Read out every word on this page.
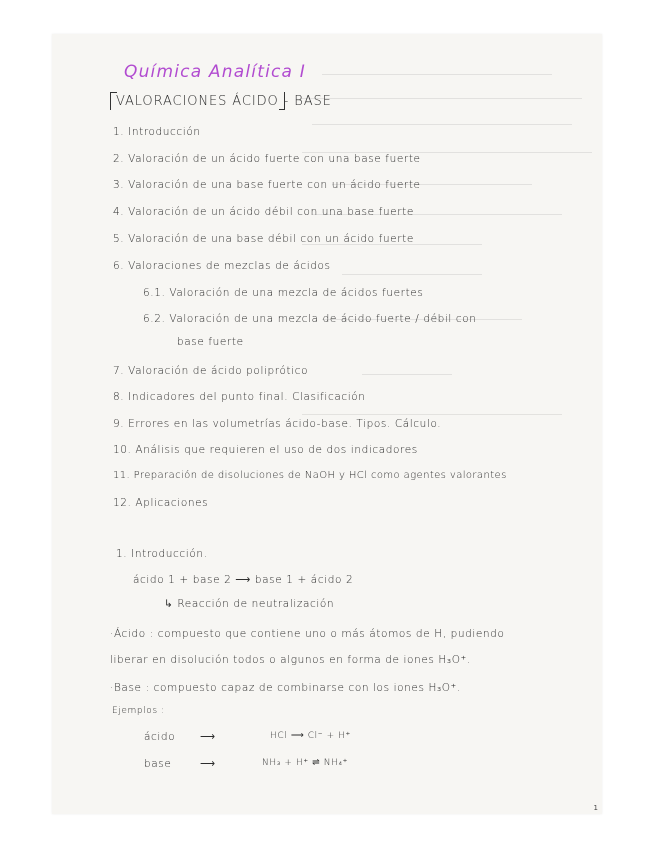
Química Analítica I
VALORACIONES ÁCIDO - BASE
1. Introducción
2. Valoración de un ácido fuerte con una base fuerte
3. Valoración de una base fuerte con un ácido fuerte
4. Valoración de un ácido débil con una base fuerte
5. Valoración de una base débil con un ácido fuerte
6. Valoraciones de mezclas de ácidos
6.1. Valoración de una mezcla de ácidos fuertes
6.2. Valoración de una mezcla de ácido fuerte / débil con
base fuerte
7. Valoración de ácido poliprótico
8. Indicadores del punto final. Clasificación
9. Errores en las volumetrías ácido-base. Tipos. Cálculo.
10. Análisis que requieren el uso de dos indicadores
11. Preparación de disoluciones de NaOH y HCl como agentes valorantes
12. Aplicaciones
1. Introducción.
ácido 1 + base 2 ⟶ base 1 + ácido 2
↳ Reacción de neutralización
·Ácido : compuesto que contiene uno o más átomos de H, pudiendo
liberar en disolución todos o algunos en forma de iones H₃O⁺.
·Base : compuesto capaz de combinarse con los iones H₃O⁺.
Ejemplos :
ácido ⟶	HCl ⟶ Cl⁻ + H⁺
base	⟶	NH₃ + H⁺ ⇌ NH₄⁺
1
